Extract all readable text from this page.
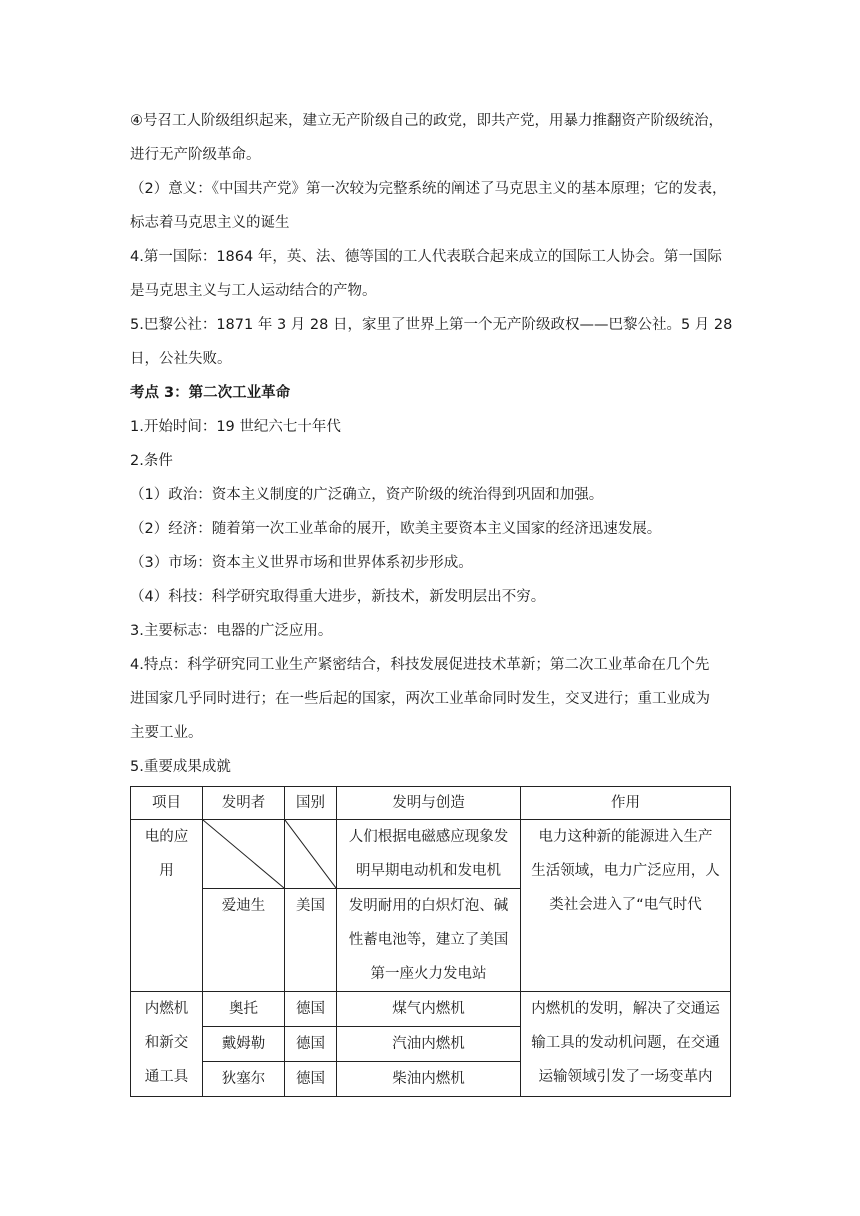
④号召工人阶级组织起来，建立无产阶级自己的政党，即共产党，用暴力推翻资产阶级统治，

进行无产阶级革命。

（2）意义：《中国共产党》第一次较为完整系统的阐述了马克思主义的基本原理；它的发表，

标志着马克思主义的诞生

4.第一国际：1864 年，英、法、德等国的工人代表联合起来成立的国际工人协会。第一国际

是马克思主义与工人运动结合的产物。

5.巴黎公社：1871 年 3 月 28 日，家里了世界上第一个无产阶级政权——巴黎公社。5 月 28

日，公社失败。

考点 3：第二次工业革命

1.开始时间：19 世纪六七十年代

2.条件

（1）政治：资本主义制度的广泛确立，资产阶级的统治得到巩固和加强。

（2）经济：随着第一次工业革命的展开，欧美主要资本主义国家的经济迅速发展。

（3）市场：资本主义世界市场和世界体系初步形成。

（4）科技：科学研究取得重大进步，新技术，新发明层出不穷。

3.主要标志：电器的广泛应用。

4.特点：科学研究同工业生产紧密结合，科技发展促进技术革新；第二次工业革命在几个先

进国家几乎同时进行；在一些后起的国家，两次工业革命同时发生，交叉进行；重工业成为

主要工业。

5.重要成果成就

项目	发明者	国别	发明与创造	作用

电的应
用			人们根据电磁感应现象发
明早期电动机和发电机	电力这种新的能源进入生产
生活领域，电力广泛应用，人
类社会进入了“电气时代

	爱迪生	美国	发明耐用的白炽灯泡、碱
性蓄电池等，建立了美国
第一座火力发电站	

内燃机
和新交
通工具	奥托	德国	煤气内燃机	内燃机的发明，解决了交通运
输工具的发动机问题，在交通
运输领域引发了一场变革内

	戴姆勒	德国	汽油内燃机	
	狄塞尔	德国	柴油内燃机	
